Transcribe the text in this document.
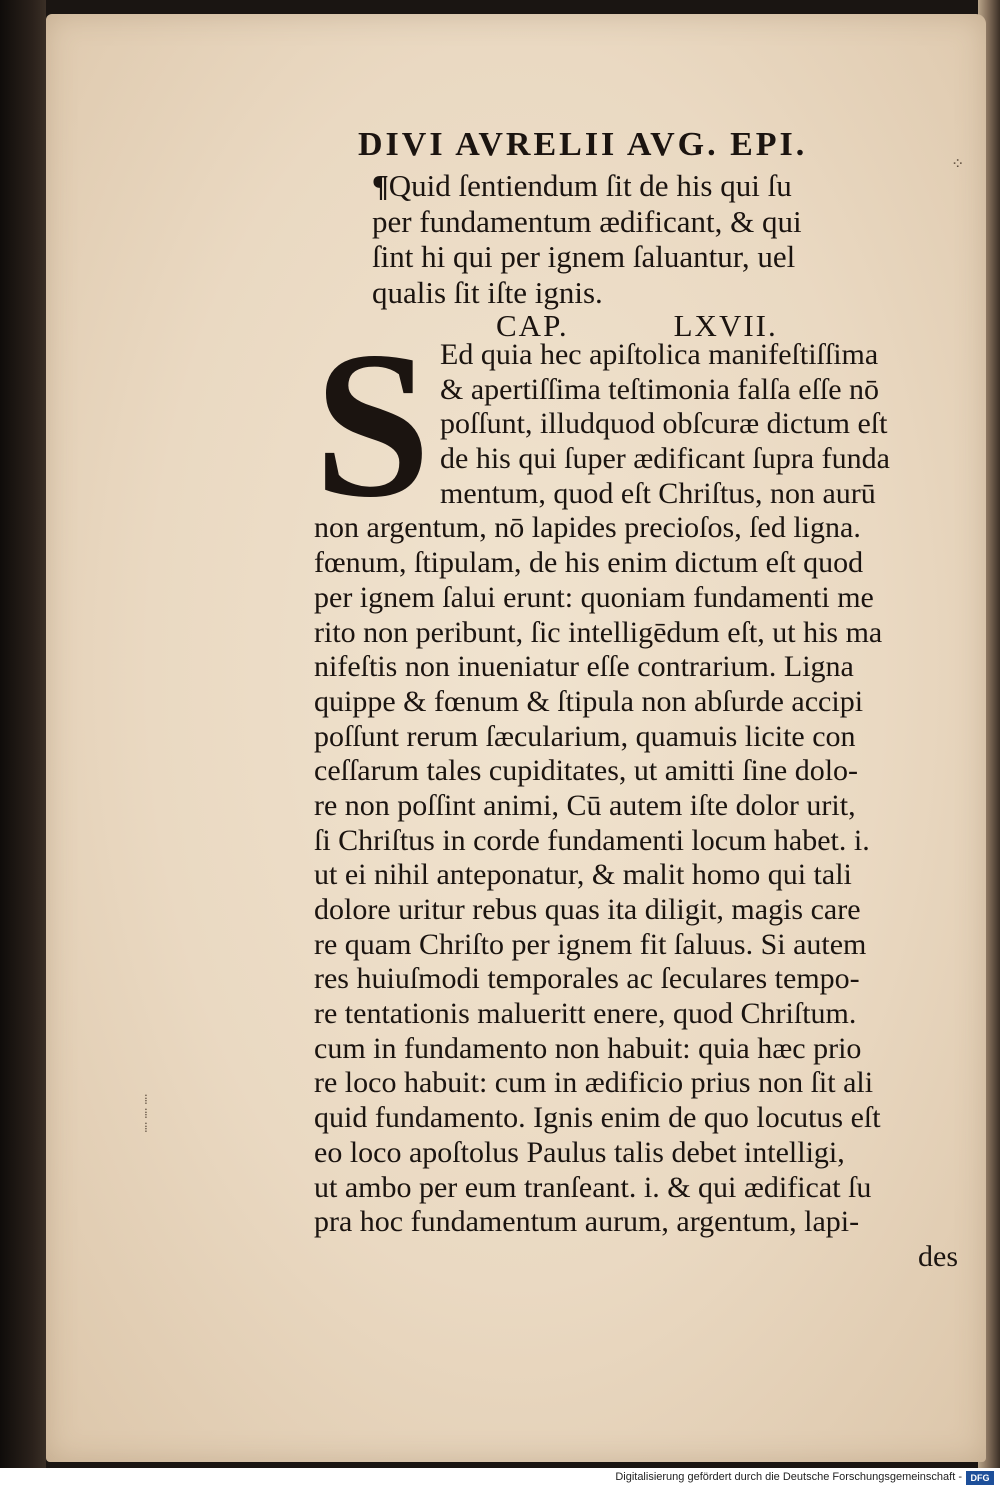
DIVI AVRELII AVG. EPI.
⁘
¶Quid ſentiendum ſit de his qui ſu
per fundamentum ædificant, & qui
ſint hi qui per ignem ſaluantur, uel
qualis ſit iſte ignis.
CAP.	LXVII.
S Ed quia hec apiſtolica manifeſtiſſima
& apertiſſima teſtimonia falſa eſſe nō
poſſunt, illudquod obſcuræ dictum eſt
de his qui ſuper ædificant ſupra funda
mentum, quod eſt Chriſtus, non aurū
non argentum, nō lapides precioſos, ſed ligna.
fœnum, ſtipulam, de his enim dictum eſt quod
per ignem ſalui erunt: quoniam fundamenti me
rito non peribunt, ſic intelligēdum eſt, ut his ma
nifeſtis non inueniatur eſſe contrarium. Ligna
quippe & fœnum & ſtipula non abſurde accipi
poſſunt rerum ſæcularium, quamuis licite con
ceſſarum tales cupiditates, ut amitti ſine dolo-
re non poſſint animi, Cū autem iſte dolor urit,
ſi Chriſtus in corde fundamenti locum habet. i.
ut ei nihil anteponatur, & malit homo qui tali
dolore uritur rebus quas ita diligit, magis care
re quam Chriſto per ignem fit ſaluus. Si autem
res huiuſmodi temporales ac ſeculares tempo-
re tentationis malueritt enere, quod Chriſtum.
cum in fundamento non habuit: quia hæc prio
re loco habuit: cum in ædificio prius non ſit ali
quid fundamento. Ignis enim de quo locutus eſt
eo loco apoſtolus Paulus talis debet intelligi,
ut ambo per eum tranſeant. i. & qui ædificat ſu
pra hoc fundamentum aurum, argentum, lapi-
des
⁞
⁞
⁞
Digitalisierung gefördert durch die Deutsche Forschungsgemeinschaft - DFG
